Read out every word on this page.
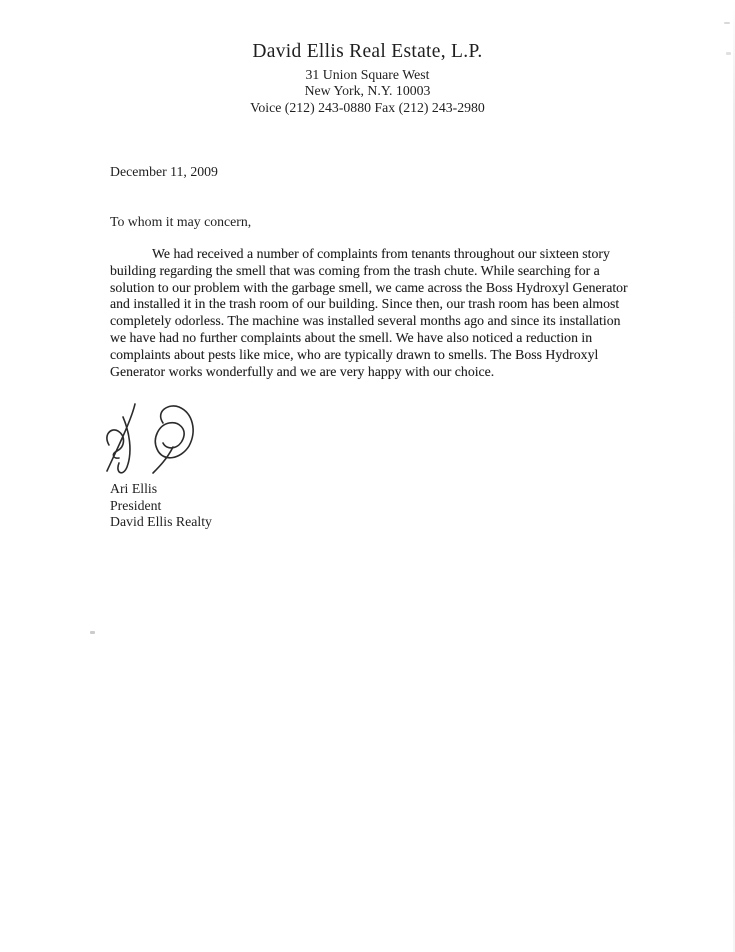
David Ellis Real Estate, L.P.
31 Union Square West
New York, N.Y. 10003
Voice (212) 243-0880 Fax (212) 243-2980
December 11, 2009
To whom it may concern,

We had received a number of complaints from tenants throughout our sixteen story building regarding the smell that was coming from the trash chute. While searching for a solution to our problem with the garbage smell, we came across the Boss Hydroxyl Generator and installed it in the trash room of our building. Since then, our trash room has been almost completely odorless. The machine was installed several months ago and since its installation we have had no further complaints about the smell. We have also noticed a reduction in complaints about pests like mice, who are typically drawn to smells. The Boss Hydroxyl Generator works wonderfully and we are very happy with our choice.

Ari Ellis
President
David Ellis Realty
